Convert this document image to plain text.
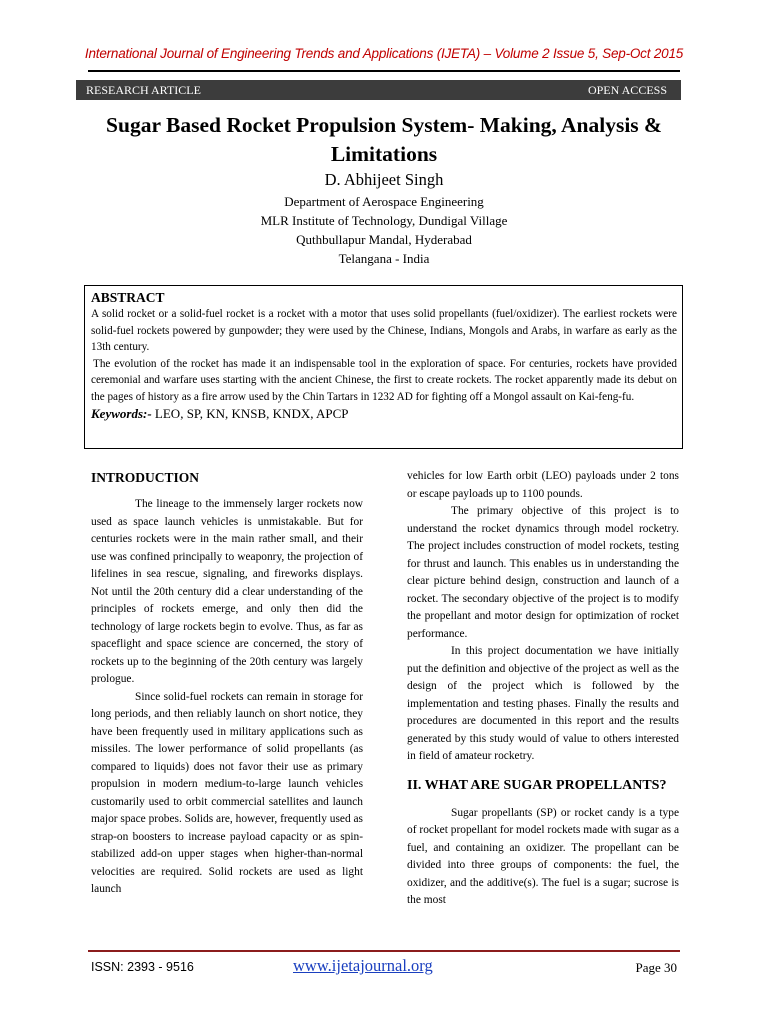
International Journal of Engineering Trends and Applications (IJETA) – Volume 2 Issue 5, Sep-Oct 2015
RESEARCH ARTICLE	OPEN ACCESS
Sugar Based Rocket Propulsion System- Making, Analysis &
Limitations
D. Abhijeet Singh
Department of Aerospace Engineering
MLR Institute of Technology, Dundigal Village
Quthbullapur Mandal, Hyderabad
Telangana - India
ABSTRACT

A solid rocket or a solid-fuel rocket is a rocket with a motor that uses solid propellants (fuel/oxidizer). The earliest rockets were solid-fuel rockets powered by gunpowder; they were used by the Chinese, Indians, Mongols and Arabs, in warfare as early as the 13th century.

The evolution of the rocket has made it an indispensable tool in the exploration of space. For centuries, rockets have provided ceremonial and warfare uses starting with the ancient Chinese, the first to create rockets. The rocket apparently made its debut on the pages of history as a fire arrow used by the Chin Tartars in 1232 AD for fighting off a Mongol assault on Kai-feng-fu.

Keywords:- LEO, SP, KN, KNSB, KNDX, APCP

INTRODUCTION

The lineage to the immensely larger rockets now used as space launch vehicles is unmistakable. But for centuries rockets were in the main rather small, and their use was confined principally to weaponry, the projection of lifelines in sea rescue, signaling, and fireworks displays. Not until the 20th century did a clear understanding of the principles of rockets emerge, and only then did the technology of large rockets begin to evolve. Thus, as far as spaceflight and space science are concerned, the story of rockets up to the beginning of the 20th century was largely prologue.

Since solid-fuel rockets can remain in storage for long periods, and then reliably launch on short notice, they have been frequently used in military applications such as missiles. The lower performance of solid propellants (as compared to liquids) does not favor their use as primary propulsion in modern medium-to-large launch vehicles customarily used to orbit commercial satellites and launch major space probes. Solids are, however, frequently used as strap-on boosters to increase payload capacity or as spin-stabilized add-on upper stages when higher-than-normal velocities are required. Solid rockets are used as light launch

vehicles for low Earth orbit (LEO) payloads under 2 tons or escape payloads up to 1100 pounds.

The primary objective of this project is to understand the rocket dynamics through model rocketry. The project includes construction of model rockets, testing for thrust and launch. This enables us in understanding the clear picture behind design, construction and launch of a rocket. The secondary objective of the project is to modify the propellant and motor design for optimization of rocket performance.

In this project documentation we have initially put the definition and objective of the project as well as the design of the project which is followed by the implementation and testing phases. Finally the results and procedures are documented in this report and the results generated by this study would of value to others interested in field of amateur rocketry.

II. WHAT ARE SUGAR PROPELLANTS?

Sugar propellants (SP) or rocket candy is a type of rocket propellant for model rockets made with sugar as a fuel, and containing an oxidizer. The propellant can be divided into three groups of components: the fuel, the oxidizer, and the additive(s). The fuel is a sugar; sucrose is the most

ISSN: 2393 - 9516	www.ijetajournal.org	Page 30
